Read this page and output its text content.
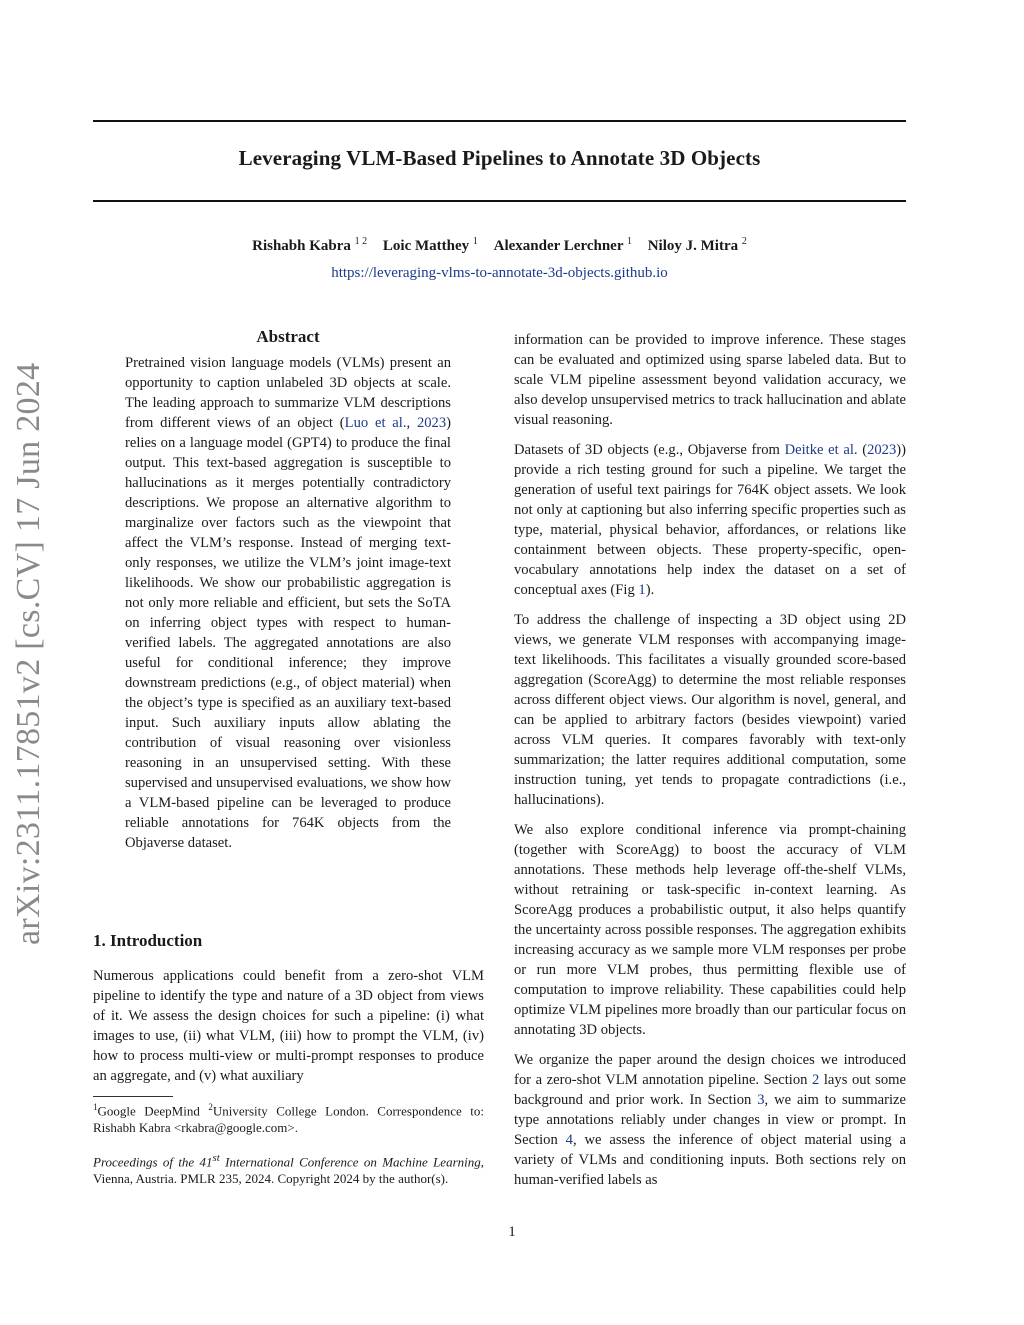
Leveraging VLM-Based Pipelines to Annotate 3D Objects
Rishabh Kabra $^{1 2}$ Loic Matthey $^1$ Alexander Lerchner $^1$ Niloy J. Mitra $^2$
https://leveraging-vlms-to-annotate-3d-objects.github.io
arXiv:2311.17851v2 [cs.CV] 17 Jun 2024

Abstract

Pretrained vision language models (VLMs) present an opportunity to caption unlabeled 3D objects at scale. The leading approach to summarize VLM descriptions from different views of an object (Luo et al., 2023) relies on a language model (GPT4) to produce the final output. This text-based aggregation is susceptible to hallucinations as it merges potentially contradictory descriptions. We propose an alternative algorithm to marginalize over factors such as the viewpoint that affect the VLM’s response. Instead of merging text-only responses, we utilize the VLM’s joint image-text likelihoods. We show our probabilistic aggregation is not only more reliable and efficient, but sets the SoTA on inferring object types with respect to human-verified labels. The aggregated annotations are also useful for conditional inference; they improve downstream predictions (e.g., of object material) when the object’s type is specified as an auxiliary text-based input. Such auxiliary inputs allow ablating the contribution of visual reasoning over visionless reasoning in an unsupervised setting. With these supervised and unsupervised evaluations, we show how a VLM-based pipeline can be leveraged to produce reliable annotations for 764K objects from the Objaverse dataset.

1. Introduction

Numerous applications could benefit from a zero-shot VLM pipeline to identify the type and nature of a 3D object from views of it. We assess the design choices for such a pipeline: (i) what images to use, (ii) what VLM, (iii) how to prompt the VLM, (iv) how to process multi-view or multi-prompt responses to produce an aggregate, and (v) what auxiliary

$^1$Google DeepMind $^2$University College London. Correspondence to: Rishabh Kabra <rkabra@google.com>.
Proceedings of the 41st International Conference on Machine Learning, Vienna, Austria. PMLR 235, 2024. Copyright 2024 by the author(s).

information can be provided to improve inference. These stages can be evaluated and optimized using sparse labeled data. But to scale VLM pipeline assessment beyond validation accuracy, we also develop unsupervised metrics to track hallucination and ablate visual reasoning.

Datasets of 3D objects (e.g., Objaverse from Deitke et al. (2023)) provide a rich testing ground for such a pipeline. We target the generation of useful text pairings for 764K object assets. We look not only at captioning but also inferring specific properties such as type, material, physical behavior, affordances, or relations like containment between objects. These property-specific, open-vocabulary annotations help index the dataset on a set of conceptual axes (Fig 1).

To address the challenge of inspecting a 3D object using 2D views, we generate VLM responses with accompanying image-text likelihoods. This facilitates a visually grounded score-based aggregation (ScoreAgg) to determine the most reliable responses across different object views. Our algorithm is novel, general, and can be applied to arbitrary factors (besides viewpoint) varied across VLM queries. It compares favorably with text-only summarization; the latter requires additional computation, some instruction tuning, yet tends to propagate contradictions (i.e., hallucinations).

We also explore conditional inference via prompt-chaining (together with ScoreAgg) to boost the accuracy of VLM annotations. These methods help leverage off-the-shelf VLMs, without retraining or task-specific in-context learning. As ScoreAgg produces a probabilistic output, it also helps quantify the uncertainty across possible responses. The aggregation exhibits increasing accuracy as we sample more VLM responses per probe or run more VLM probes, thus permitting flexible use of computation to improve reliability. These capabilities could help optimize VLM pipelines more broadly than our particular focus on annotating 3D objects.

We organize the paper around the design choices we introduced for a zero-shot VLM annotation pipeline. Section 2 lays out some background and prior work. In Section 3, we aim to summarize type annotations reliably under changes in view or prompt. In Section 4, we assess the inference of object material using a variety of VLMs and conditioning inputs. Both sections rely on human-verified labels as

1
